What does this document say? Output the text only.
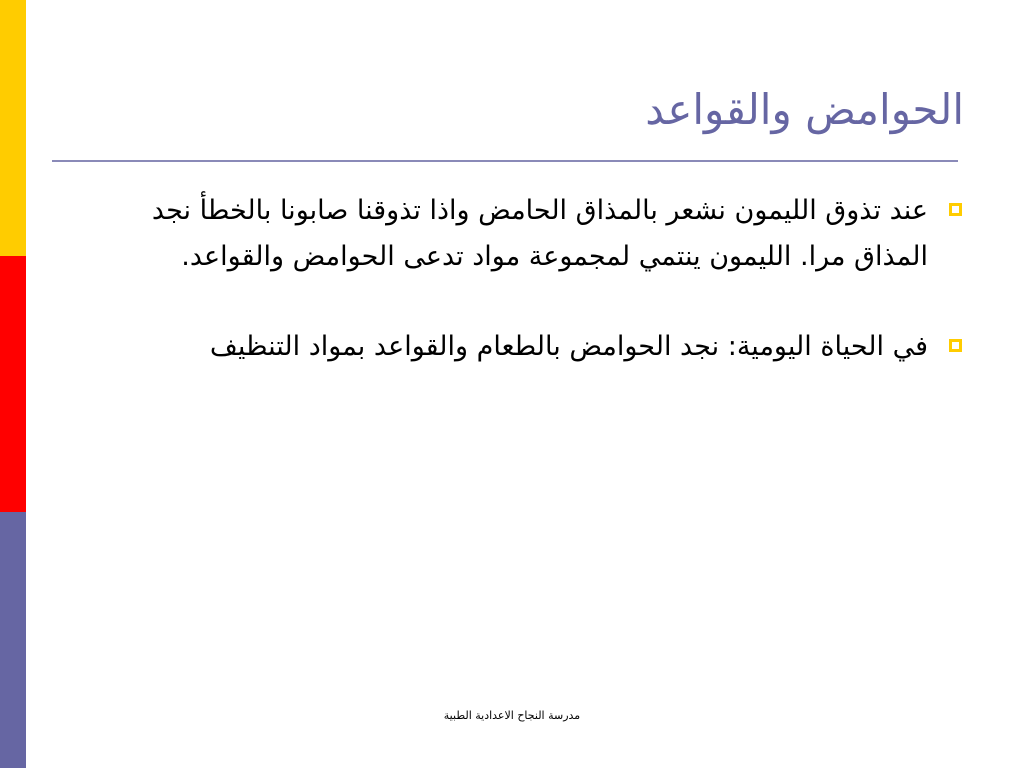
الحوامض والقواعد
عند تذوق الليمون نشعر بالمذاق الحامض واذا تذوقنا صابونا بالخطأ نجد المذاق مرا. الليمون ينتمي لمجموعة مواد تدعى الحوامض والقواعد.
في الحياة اليومية: نجد الحوامض بالطعام والقواعد بمواد التنظيف
مدرسة النجاح الاعدادية الطبية
